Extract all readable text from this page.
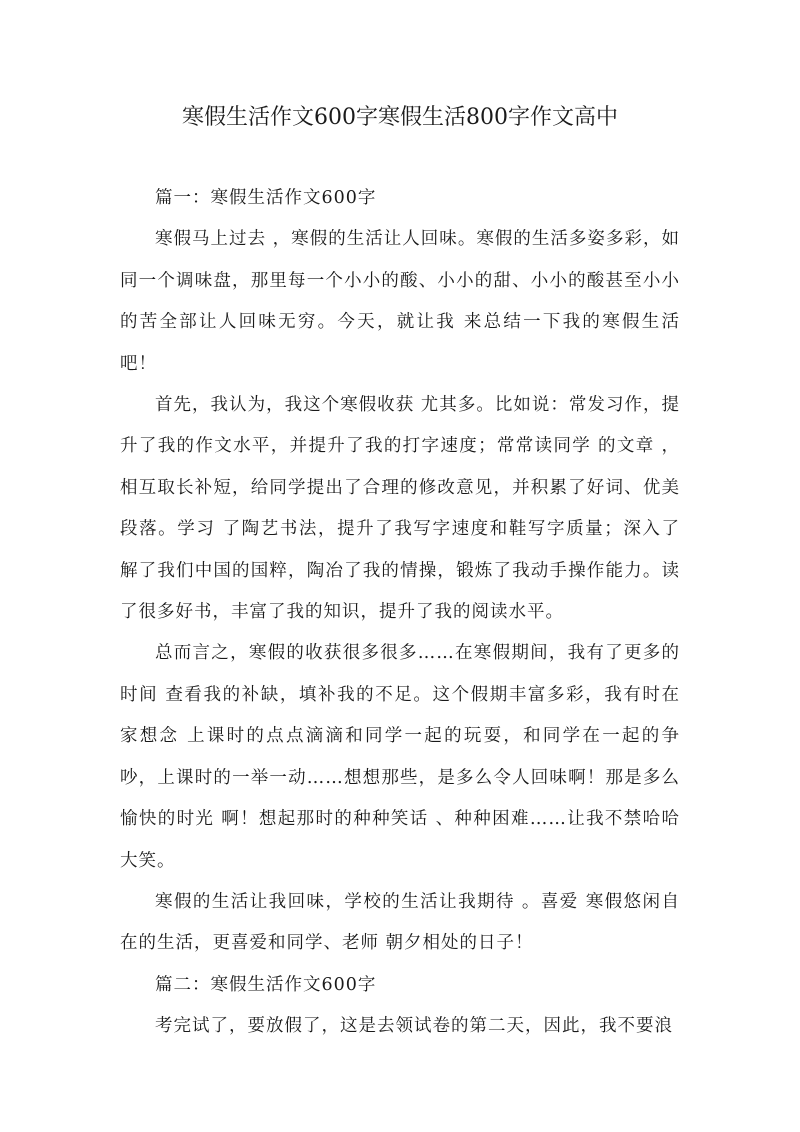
寒假生活作文600字寒假生活800字作文高中

篇一：寒假生活作文600字

寒假马上过去 ，寒假的生活让人回味。寒假的生活多姿多彩，如同一个调味盘，那里每一个小小的酸、小小的甜、小小的酸甚至小小的苦全部让人回味无穷。今天，就让我 来总结一下我的寒假生活吧！

首先，我认为，我这个寒假收获 尤其多。比如说：常发习作，提升了我的作文水平，并提升了我的打字速度；常常读同学 的文章 ，相互取长补短，给同学提出了合理的修改意见，并积累了好词、优美 段落。学习 了陶艺书法，提升了我写字速度和鞋写字质量；深入了解了我们中国的国粹，陶冶了我的情操，锻炼了我动手操作能力。读了很多好书，丰富了我的知识，提升了我的阅读水平。

总而言之，寒假的收获很多很多……在寒假期间，我有了更多的时间 查看我的补缺，填补我的不足。这个假期丰富多彩，我有时在家想念 上课时的点点滴滴和同学一起的玩耍，和同学在一起的争吵，上课时的一举一动……想想那些，是多么令人回味啊！那是多么愉快的时光 啊！想起那时的种种笑话 、种种困难……让我不禁哈哈大笑。

寒假的生活让我回味，学校的生活让我期待 。喜爱 寒假悠闲自在的生活，更喜爱和同学、老师 朝夕相处的日子！

篇二：寒假生活作文600字

考完试了，要放假了，这是去领试卷的第二天，因此，我不要浪
